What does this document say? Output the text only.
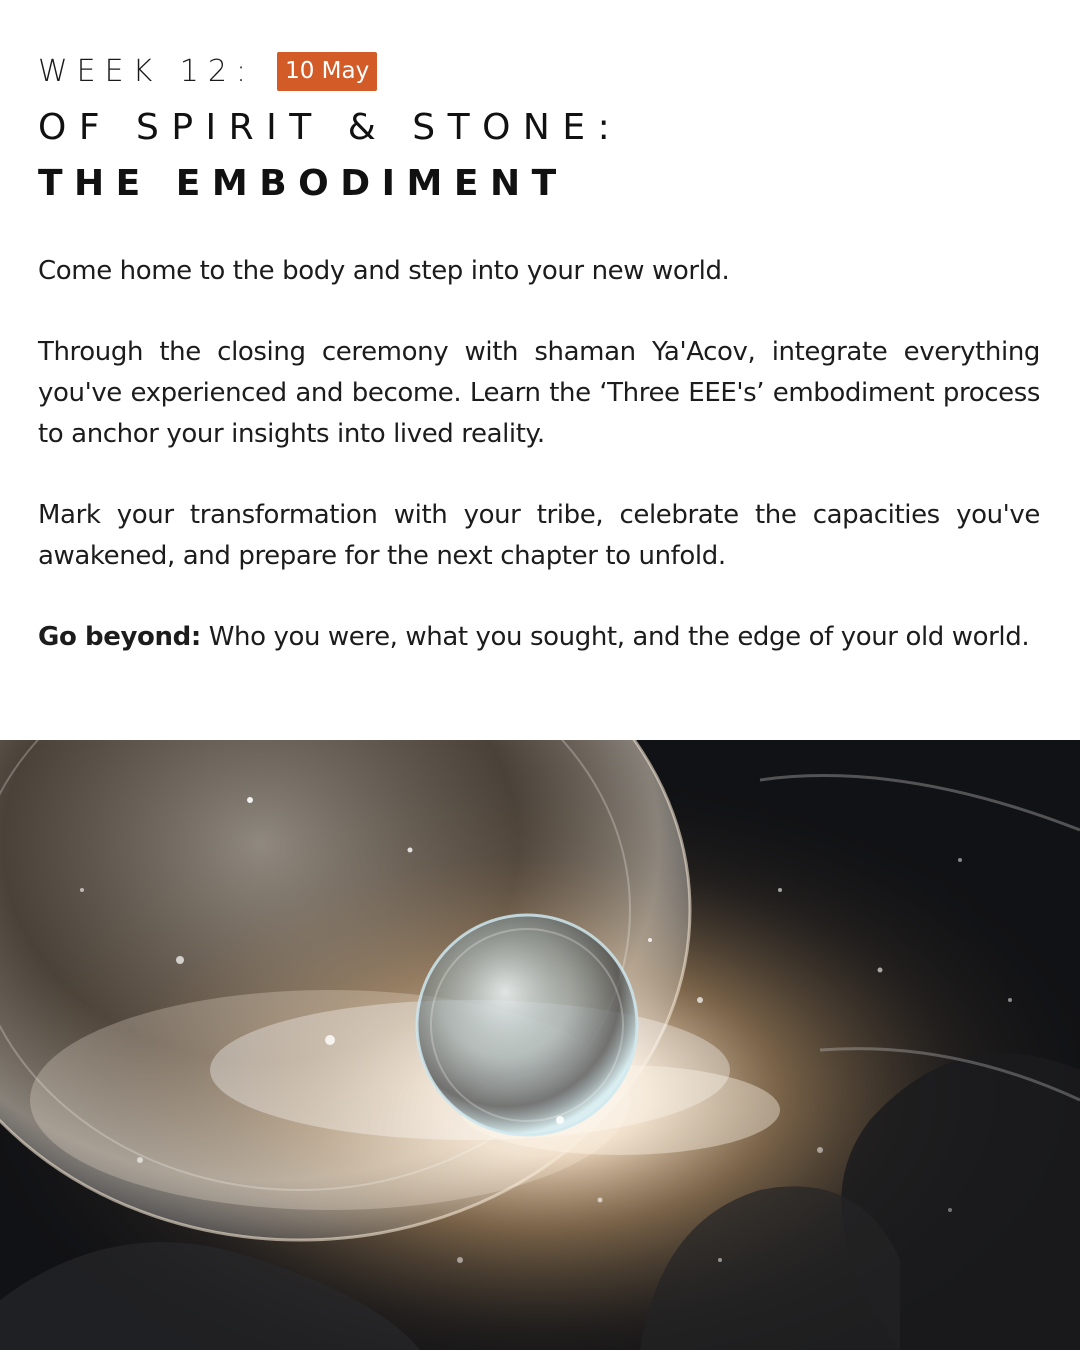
WEEK 12:	10 May
OF SPIRIT & STONE:
THE EMBODIMENT

Come home to the body and step into your new world.

Through the closing ceremony with shaman Ya'Acov, integrate everything you've experienced and become. Learn the ‘Three EEE's’ embodiment process to anchor your insights into lived reality.

Mark your transformation with your tribe, celebrate the capacities you've awakened, and prepare for the next chapter to unfold.

Go beyond: Who you were, what you sought, and the edge of your old world.
